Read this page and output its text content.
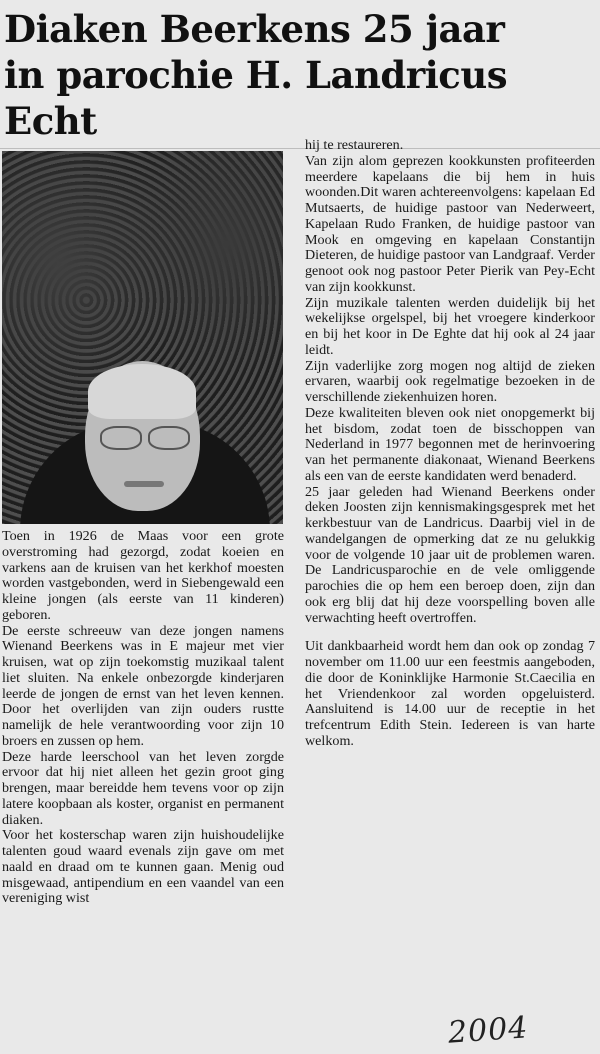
Diaken Beerkens 25 jaar
in parochie H. Landricus
Echt

Toen in 1926 de Maas voor een grote overstroming had gezorgd, zodat koeien en varkens aan de kruisen van het kerkhof moesten worden vastgebonden, werd in Siebengewald een kleine jongen (als eerste van 11 kinderen) geboren.

De eerste schreeuw van deze jongen namens Wienand Beerkens was in E majeur met vier kruisen, wat op zijn toekomstig muzikaal talent liet sluiten. Na enkele onbezorgde kinderjaren leerde de jongen de ernst van het leven kennen. Door het overlijden van zijn ouders rustte namelijk de hele verantwoording voor zijn 10 broers en zussen op hem.

Deze harde leerschool van het leven zorgde ervoor dat hij niet alleen het gezin groot ging brengen, maar bereidde hem tevens voor op zijn latere koopbaan als koster, organist en permanent diaken.

Voor het kosterschap waren zijn huishoudelijke talenten goud waard evenals zijn gave om met naald en draad om te kunnen gaan. Menig oud misgewaad, antipendium en een vaandel van een vereniging wist

hij te restaureren.

Van zijn alom geprezen kookkunsten profiteerden meerdere kapelaans die bij hem in huis woonden.Dit waren achtereenvolgens: kapelaan Ed Mutsaerts, de huidige pastoor van Nederweert, Kapelaan Rudo Franken, de huidige pastoor van Mook en omgeving en kapelaan Constantijn Dieteren, de huidige pastoor van Landgraaf. Verder genoot ook nog pastoor Peter Pierik van Pey-Echt van zijn kookkunst.

Zijn muzikale talenten werden duidelijk bij het wekelijkse orgelspel, bij het vroegere kinderkoor en bij het koor in De Eghte dat hij ook al 24 jaar leidt.

Zijn vaderlijke zorg mogen nog altijd de zieken ervaren, waarbij ook regelmatige bezoeken in de verschillende ziekenhuizen horen.

Deze kwaliteiten bleven ook niet onopgemerkt bij het bisdom, zodat toen de bisschoppen van Nederland in 1977 begonnen met de herinvoering van het permanente diakonaat, Wienand Beerkens als een van de eerste kandidaten werd benaderd.

25 jaar geleden had Wienand Beerkens onder deken Joosten zijn kennismakingsgesprek met het kerkbestuur van de Landricus. Daarbij viel in de wandelgangen de opmerking dat ze nu gelukkig voor de volgende 10 jaar uit de problemen waren. De Landricusparochie en de vele omliggende parochies die op hem een beroep doen, zijn dan ook erg blij dat hij deze voorspelling boven alle verwachting heeft overtroffen.

Uit dankbaarheid wordt hem dan ook op zondag 7 november om 11.00 uur een feestmis aangeboden, die door de Koninklijke Harmonie St.Caecilia en het Vriendenkoor zal worden opgeluisterd. Aansluitend is 14.00 uur de receptie in het trefcentrum Edith Stein. Iedereen is van harte welkom.

2004
